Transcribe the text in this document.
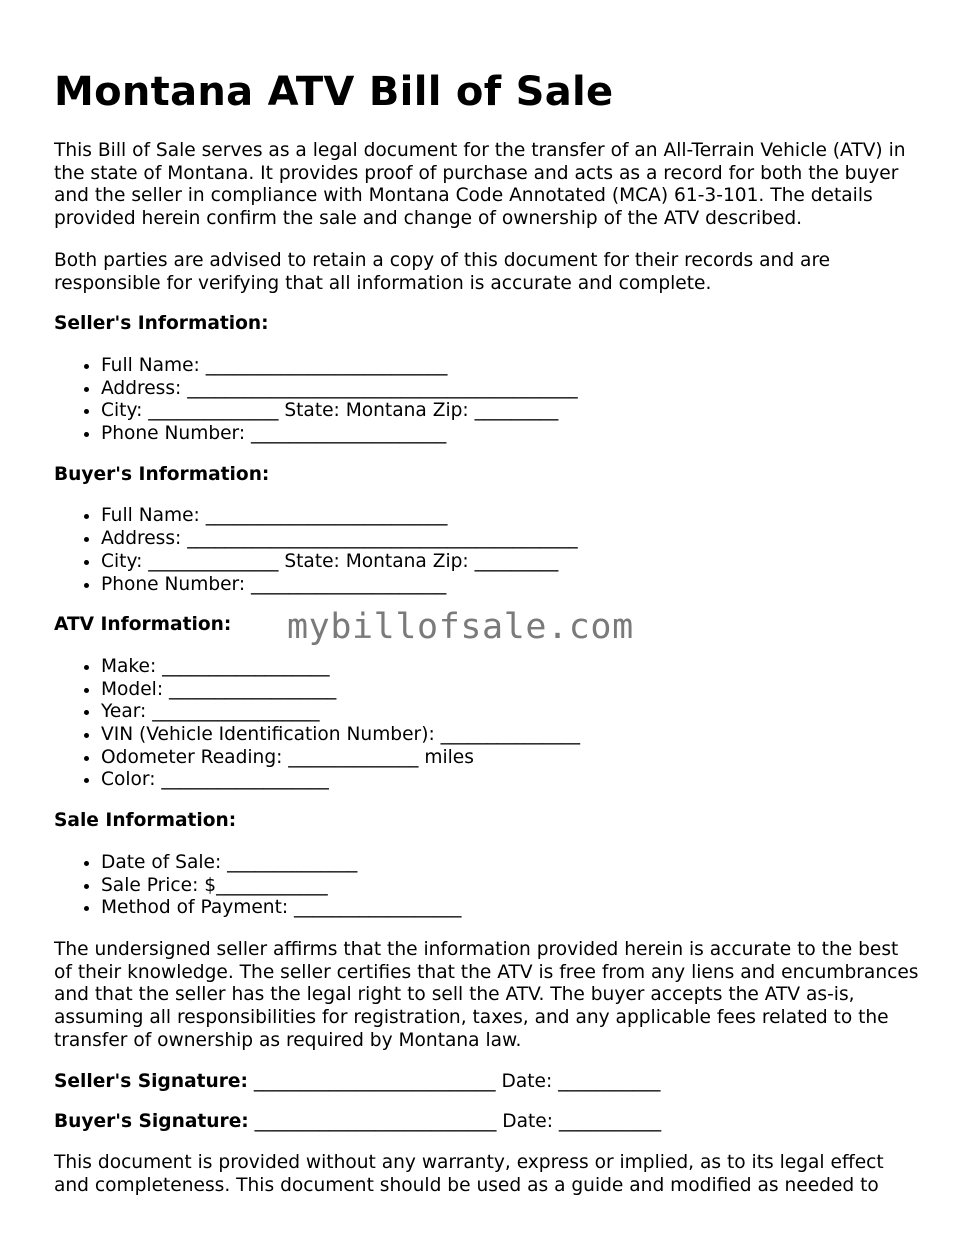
Montana ATV Bill of Sale

This Bill of Sale serves as a legal document for the transfer of an All-Terrain Vehicle (ATV) in the state of Montana. It provides proof of purchase and acts as a record for both the buyer and the seller in compliance with Montana Code Annotated (MCA) 61-3-101. The details provided herein confirm the sale and change of ownership of the ATV described.

Both parties are advised to retain a copy of this document for their records and are responsible for verifying that all information is accurate and complete.

Seller's Information:
• Full Name: __________________________
• Address: __________________________________________
• City: ______________ State: Montana Zip: _________
• Phone Number: _____________________
Buyer's Information:
• Full Name: __________________________
• Address: __________________________________________
• City: ______________ State: Montana Zip: _________
• Phone Number: _____________________
ATV Information:
• Make: __________________
• Model: __________________
• Year: __________________
• VIN (Vehicle Identification Number): _______________
• Odometer Reading: ______________ miles
• Color: __________________
Sale Information:
• Date of Sale: ______________
• Sale Price: $____________
• Method of Payment: __________________

The undersigned seller affirms that the information provided herein is accurate to the best of their knowledge. The seller certifies that the ATV is free from any liens and encumbrances and that the seller has the legal right to sell the ATV. The buyer accepts the ATV as-is, assuming all responsibilities for registration, taxes, and any applicable fees related to the transfer of ownership as required by Montana law.

Seller's Signature: __________________________ Date: ___________
Buyer's Signature: __________________________ Date: ___________

This document is provided without any warranty, express or implied, as to its legal effect and completeness. This document should be used as a guide and modified as needed to

mybillofsale.com
